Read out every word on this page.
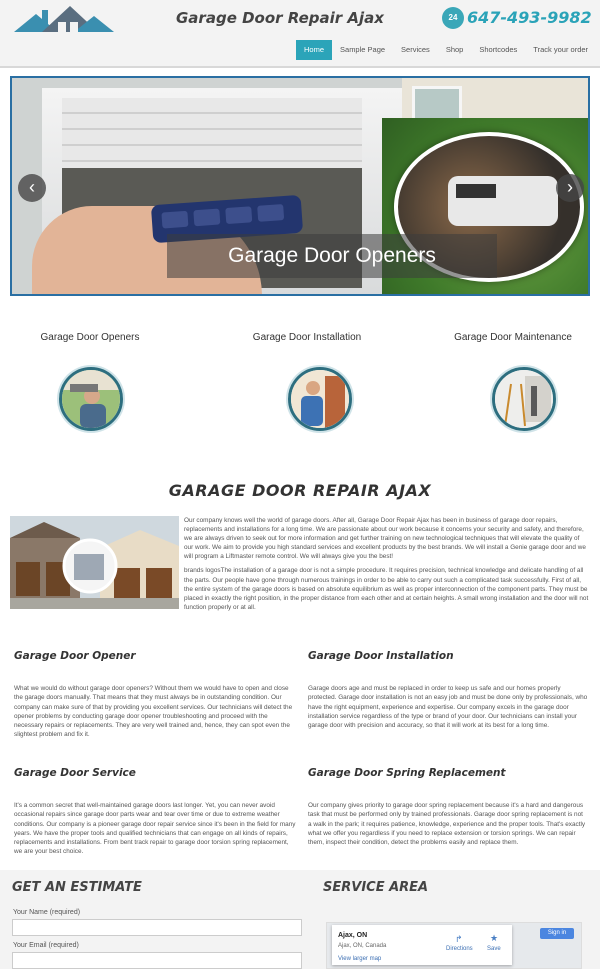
Garage Door Repair Ajax	24 647-493-9982
Home	Sample Page	Services	Shop	Shortcodes	Track your order
Garage Door Openers
‹	›
Garage Door Openers	Garage Door Installation	Garage Door Maintenance
GARAGE DOOR REPAIR AJAX

Our company knows well the world of garage doors. After all, Garage Door Repair Ajax has been in business of garage door repairs, replacements and installations for a long time. We are passionate about our work because it concerns your security and safety, and therefore, we are always driven to seek out for more information and get further training on new technological techniques that will elevate the quality of our work. We aim to provide you high standard services and excellent products by the best brands. We will install a Genie garage door and we will program a Liftmaster remote control. We will always give you the best!

brands logosThe installation of a garage door is not a simple procedure. It requires precision, technical knowledge and delicate handling of all the parts. Our people have gone through numerous trainings in order to be able to carry out such a complicated task successfully. First of all, the entire system of the garage doors is based on absolute equilibrium as well as proper interconnection of the component parts. They must be placed in exactly the right position, in the proper distance from each other and at certain heights. A small wrong installation and the door will not function properly or at all.

Garage Door Opener
What we would do without garage door openers? Without them we would have to open and close the garage doors manually. That means that they must always be in outstanding condition. Our company can make sure of that by providing you excellent services. Our technicians will detect the opener problems by conducting garage door opener troubleshooting and proceed with the necessary repairs or replacements. They are very well trained and, hence, they can spot even the slightest problem and fix it.
Garage Door Installation
Garage doors age and must be replaced in order to keep us safe and our homes properly protected. Garage door installation is not an easy job and must be done only by professionals, who have the right equipment, experience and expertise. Our company excels in the garage door installation service regardless of the type or brand of your door. Our technicians can install your garage door with precision and accuracy, so that it will work at its best for a long time.
Garage Door Service
It's a common secret that well-maintained garage doors last longer. Yet, you can never avoid occasional repairs since garage door parts wear and tear over time or due to extreme weather conditions. Our company is a pioneer garage door repair service since it's been in the field for many years. We have the proper tools and qualified technicians that can engage on all kinds of repairs, replacements and installations. From bent track repair to garage door torsion spring replacement, we are your best choice.
Garage Door Spring Replacement
Our company gives priority to garage door spring replacement because it's a hard and dangerous task that must be performed only by trained professionals. Garage door spring replacement is not a walk in the park; it requires patience, knowledge, experience and the proper tools. That's exactly what we offer you regardless if you need to replace extension or torsion springs. We can repair them, inspect their condition, detect the problems easily and replace them.
GET AN ESTIMATE
Your Name (required)
Your Email (required)
SERVICE AREA
Ajax, ON
Ajax, ON, Canada
View larger map
↱
Directions
★
Save
Sign in
